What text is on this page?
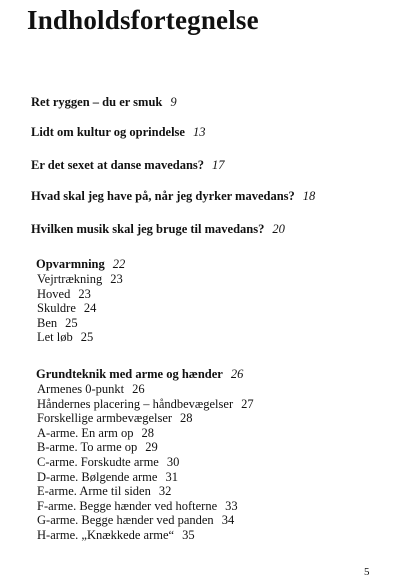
Indholdsfortegnelse
Ret ryggen – du er smuk 9
Lidt om kultur og oprindelse 13
Er det sexet at danse mavedans? 17
Hvad skal jeg have på, når jeg dyrker mavedans? 18
Hvilken musik skal jeg bruge til mavedans? 20
Opvarmning 22
Vejrtrækning 23
Hoved 23
Skuldre 24
Ben 25
Let løb 25
Grundteknik med arme og hænder 26
Armenes 0-punkt 26
Håndernes placering – håndbevægelser 27
Forskellige armbevægelser 28
A-arme. En arm op 28
B-arme. To arme op 29
C-arme. Forskudte arme 30
D-arme. Bølgende arme 31
E-arme. Arme til siden 32
F-arme. Begge hænder ved hofterne 33
G-arme. Begge hænder ved panden 34
H-arme. „Knækkede arme“ 35
5
